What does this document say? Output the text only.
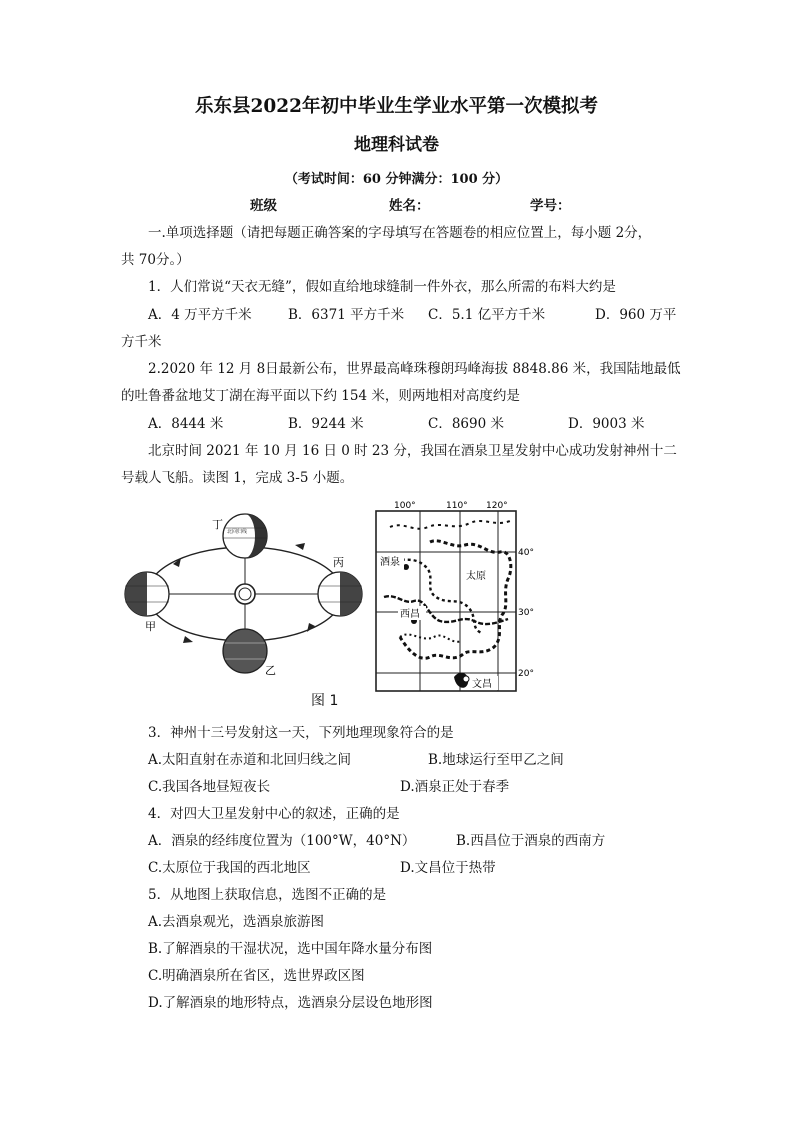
乐东县2022年初中毕业生学业水平第一次模拟考
地理科试卷
（考试时间：60 分钟满分：100 分）
班级	姓名：	学号：
一.单项选择题（请把每题正确答案的字母填写在答题卷的相应位置上，每小题 2分，
共 70分。）
1．人们常说“天衣无缝”，假如直给地球缝制一件外衣，那么所需的布料大约是
A．4 万平方千米	B．6371 平方千米 C．5.1 亿平方千米	D．960 万平
方千米
2.2020 年 12 月 8日最新公布，世界最高峰珠穆朗玛峰海拔 8848.86 米，我国陆地最低
的吐鲁番盆地艾丁湖在海平面以下约 154 米，则两地相对高度约是
A．8444 米	B．9244 米	C．8690 米	D．9003 米
北京时间 2021 年 10 月 16 日 0 时 23 分，我国在酒泉卫星发射中心成功发射神州十二
号载人飞船。读图 1，完成 3-5 小题。
北回归线
丁
丙
乙
甲
100°	110° 120°
40°
30°
20°
酒泉
太原
西昌
文昌
图 1
3．神州十三号发射这一天，下列地理现象符合的是
A.太阳直射在赤道和北回归线之间	B.地球运行至甲乙之间
C.我国各地昼短夜长	D.酒泉正处于春季
4．对四大卫星发射中心的叙述，正确的是
A．酒泉的经纬度位置为（100°W，40°N）	B.西昌位于酒泉的西南方
C.太原位于我国的西北地区	D.文昌位于热带
5．从地图上获取信息，选图不正确的是
A.去酒泉观光，选酒泉旅游图
B.了解酒泉的干湿状况，选中国年降水量分布图
C.明确酒泉所在省区，选世界政区图
D.了解酒泉的地形特点，选酒泉分层设色地形图
